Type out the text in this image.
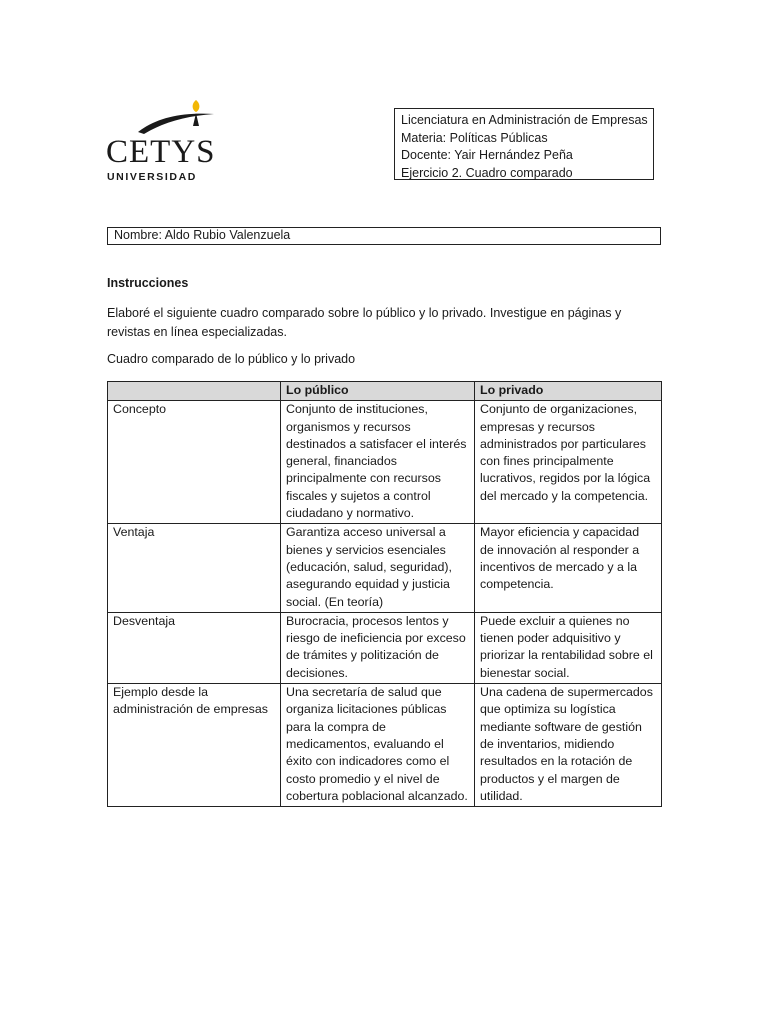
CETYS
UNIVERSIDAD
Licenciatura en Administración de Empresas
Materia: Políticas Públicas
Docente: Yair Hernández Peña
Ejercicio 2. Cuadro comparado
Nombre: Aldo Rubio Valenzuela
Instrucciones
Elaboré el siguiente cuadro comparado sobre lo público y lo privado. Investigue en páginas y revistas en línea especializadas.
Cuadro comparado de lo público y lo privado
	Lo público	Lo privado
Concepto	Conjunto de instituciones, organismos y recursos destinados a satisfacer el interés general, financiados principalmente con recursos fiscales y sujetos a control ciudadano y normativo.	Conjunto de organizaciones, empresas y recursos administrados por particulares con fines principalmente lucrativos, regidos por la lógica del mercado y la competencia.
Ventaja	Garantiza acceso universal a bienes y servicios esenciales (educación, salud, seguridad), asegurando equidad y justicia social. (En teoría)	Mayor eficiencia y capacidad de innovación al responder a incentivos de mercado y a la competencia.
Desventaja	Burocracia, procesos lentos y riesgo de ineficiencia por exceso de trámites y politización de decisiones.	Puede excluir a quienes no tienen poder adquisitivo y priorizar la rentabilidad sobre el bienestar social.
Ejemplo desde la administración de empresas	Una secretaría de salud que organiza licitaciones públicas para la compra de medicamentos, evaluando el éxito con indicadores como el costo promedio y el nivel de cobertura poblacional alcanzado.	Una cadena de supermercados que optimiza su logística mediante software de gestión de inventarios, midiendo resultados en la rotación de productos y el margen de utilidad.
